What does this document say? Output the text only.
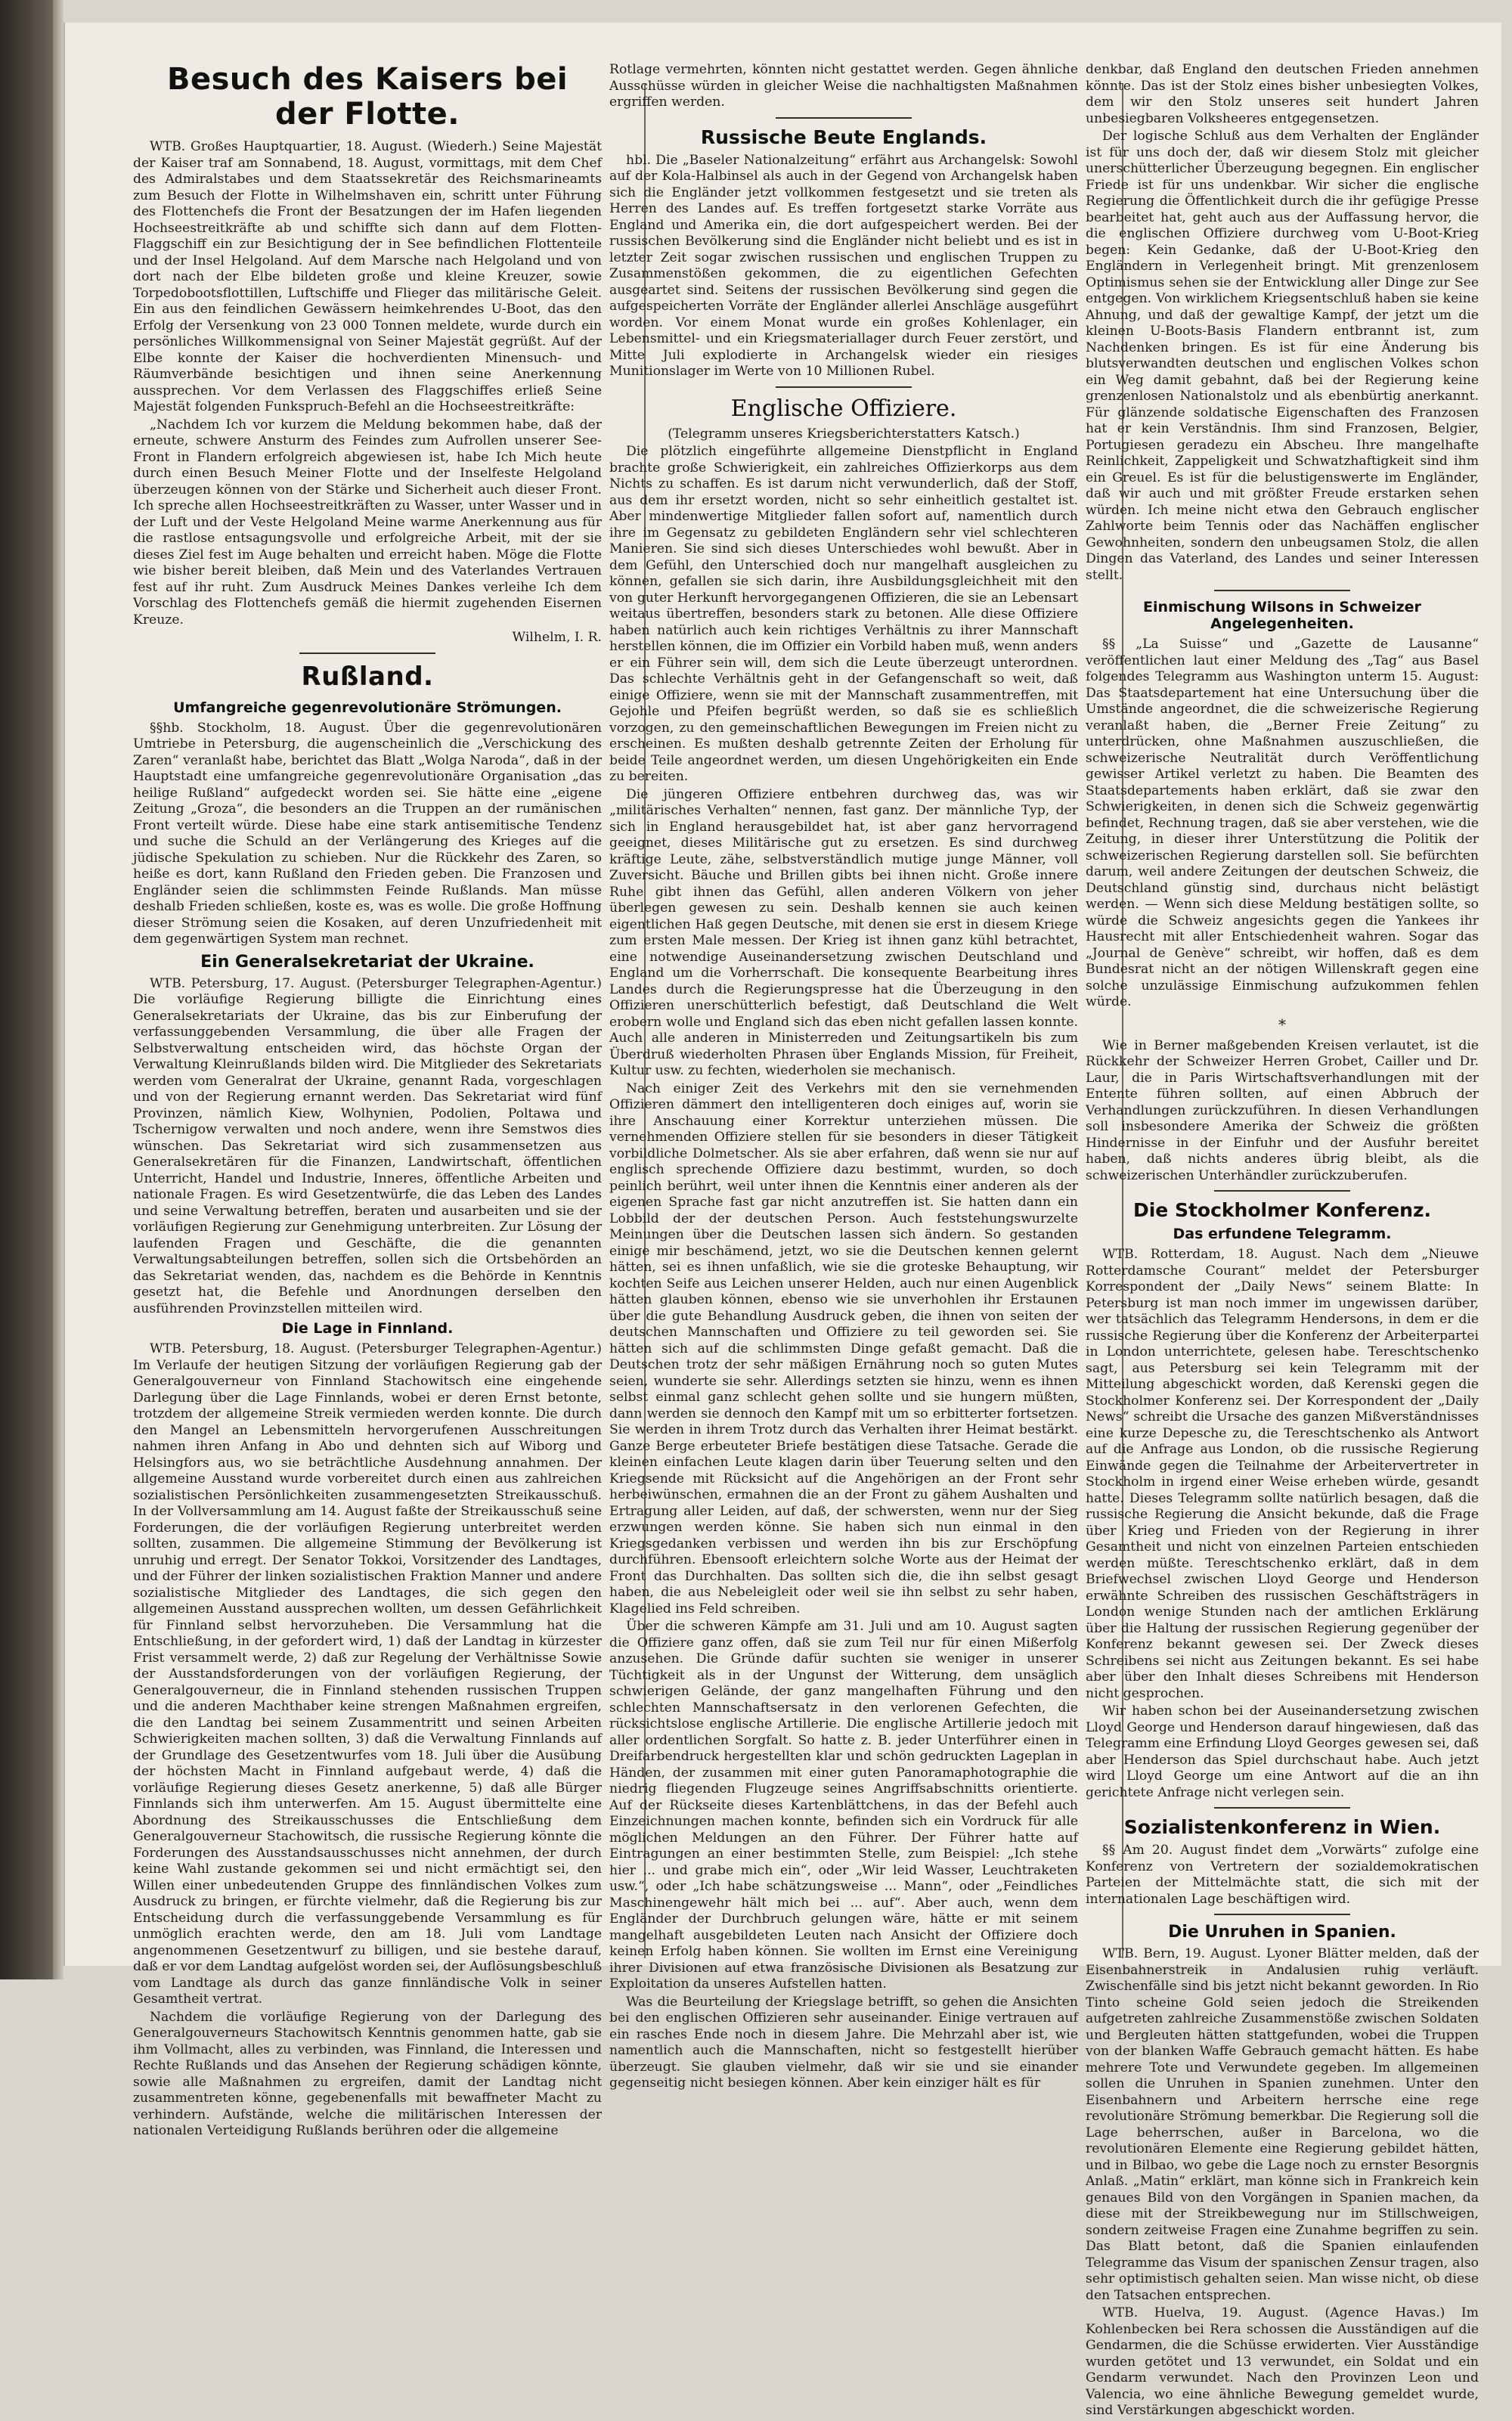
Besuch des Kaisers bei der Flotte.

WTB. Großes Hauptquartier, 18. August. (Wiederh.) Seine Majestät der Kaiser traf am Sonnabend, 18. August, vormittags, mit dem Chef des Admiralstabes und dem Staatssekretär des Reichsmarineamts zum Besuch der Flotte in Wilhelmshaven ein, schritt unter Führung des Flottenchefs die Front der Besatzungen der im Hafen liegenden Hochseestreitkräfte ab und schiffte sich dann auf dem Flotten-Flaggschiff ein zur Besichtigung der in See befindlichen Flottenteile und der Insel Helgoland. Auf dem Marsche nach Helgoland und von dort nach der Elbe bildeten große und kleine Kreuzer, sowie Torpedobootsflottillen, Luftschiffe und Flieger das militärische Geleit. Ein aus den feindlichen Gewässern heimkehrendes U-Boot, das den Erfolg der Versenkung von 23 000 Tonnen meldete, wurde durch ein persönliches Willkommensignal von Seiner Majestät gegrüßt. Auf der Elbe konnte der Kaiser die hochverdienten Minensuch- und Räumverbände besichtigen und ihnen seine Anerkennung aussprechen. Vor dem Verlassen des Flaggschiffes erließ Seine Majestät folgenden Funkspruch-Befehl an die Hochseestreitkräfte:

„Nachdem Ich vor kurzem die Meldung bekommen habe, daß der erneute, schwere Ansturm des Feindes zum Aufrollen unserer See-Front in Flandern erfolgreich abgewiesen ist, habe Ich Mich heute durch einen Besuch Meiner Flotte und der Inselfeste Helgoland überzeugen können von der Stärke und Sicherheit auch dieser Front. Ich spreche allen Hochseestreitkräften zu Wasser, unter Wasser und in der Luft und der Veste Helgoland Meine warme Anerkennung aus für die rastlose entsagungsvolle und erfolgreiche Arbeit, mit der sie dieses Ziel fest im Auge behalten und erreicht haben. Möge die Flotte wie bisher bereit bleiben, daß Mein und des Vaterlandes Vertrauen fest auf ihr ruht. Zum Ausdruck Meines Dankes verleihe Ich dem Vorschlag des Flottenchefs gemäß die hiermit zugehenden Eisernen Kreuze.

Wilhelm, I. R.

Rußland.
Umfangreiche gegenrevolutionäre Strömungen.

§§hb. Stockholm, 18. August. Über die gegenrevolutionären Umtriebe in Petersburg, die augenscheinlich die „Verschickung des Zaren“ veranlaßt habe, berichtet das Blatt „Wolga Naroda“, daß in der Hauptstadt eine umfangreiche gegenrevolutionäre Organisation „das heilige Rußland“ aufgedeckt worden sei. Sie hätte eine „eigene Zeitung „Groza“, die besonders an die Truppen an der rumänischen Front verteilt würde. Diese habe eine stark antisemitische Tendenz und suche die Schuld an der Verlängerung des Krieges auf die jüdische Spekulation zu schieben. Nur die Rückkehr des Zaren, so heiße es dort, kann Rußland den Frieden geben. Die Franzosen und Engländer seien die schlimmsten Feinde Rußlands. Man müsse deshalb Frieden schließen, koste es, was es wolle. Die große Hoffnung dieser Strömung seien die Kosaken, auf deren Unzufriedenheit mit dem gegenwärtigen System man rechnet.

Ein Generalsekretariat der Ukraine.

WTB. Petersburg, 17. August. (Petersburger Telegraphen-Agentur.) Die vorläufige Regierung billigte die Einrichtung eines Generalsekretariats der Ukraine, das bis zur Einberufung der verfassunggebenden Versammlung, die über alle Fragen der Selbstverwaltung entscheiden wird, das höchste Organ der Verwaltung Kleinrußlands bilden wird. Die Mitglieder des Sekretariats werden vom Generalrat der Ukraine, genannt Rada, vorgeschlagen und von der Regierung ernannt werden. Das Sekretariat wird fünf Provinzen, nämlich Kiew, Wolhynien, Podolien, Poltawa und Tschernigow verwalten und noch andere, wenn ihre Semstwos dies wünschen. Das Sekretariat wird sich zusammensetzen aus Generalsekretären für die Finanzen, Landwirtschaft, öffentlichen Unterricht, Handel und Industrie, Inneres, öffentliche Arbeiten und nationale Fragen. Es wird Gesetzentwürfe, die das Leben des Landes und seine Verwaltung betreffen, beraten und ausarbeiten und sie der vorläufigen Regierung zur Genehmigung unterbreiten. Zur Lösung der laufenden Fragen und Geschäfte, die die genannten Verwaltungsabteilungen betreffen, sollen sich die Ortsbehörden an das Sekretariat wenden, das, nachdem es die Behörde in Kenntnis gesetzt hat, die Befehle und Anordnungen derselben den ausführenden Provinzstellen mitteilen wird.

Die Lage in Finnland.

WTB. Petersburg, 18. August. (Petersburger Telegraphen-Agentur.) Im Verlaufe der heutigen Sitzung der vorläufigen Regierung gab der Generalgouverneur von Finnland Stachowitsch eine eingehende Darlegung über die Lage Finnlands, wobei er deren Ernst betonte, trotzdem der allgemeine Streik vermieden werden konnte. Die durch den Mangel an Lebensmitteln hervorgerufenen Ausschreitungen nahmen ihren Anfang in Abo und dehnten sich auf Wiborg und Helsingfors aus, wo sie beträchtliche Ausdehnung annahmen. Der allgemeine Ausstand wurde vorbereitet durch einen aus zahlreichen sozialistischen Persönlichkeiten zusammengesetzten Streikausschuß. In der Vollversammlung am 14. August faßte der Streikausschuß seine Forderungen, die der vorläufigen Regierung unterbreitet werden sollten, zusammen. Die allgemeine Stimmung der Bevölkerung ist unruhig und erregt. Der Senator Tokkoi, Vorsitzender des Landtages, und der Führer der linken sozialistischen Fraktion Manner und andere sozialistische Mitglieder des Landtages, die sich gegen den allgemeinen Ausstand aussprechen wollten, um dessen Gefährlichkeit für Finnland selbst hervorzuheben. Die Versammlung hat die Entschließung, in der gefordert wird, 1) daß der Landtag in kürzester Frist versammelt werde, 2) daß zur Regelung der Verhältnisse Sowie der Ausstandsforderungen von der vorläufigen Regierung, der Generalgouverneur, die in Finnland stehenden russischen Truppen und die anderen Machthaber keine strengen Maßnahmen ergreifen, die den Landtag bei seinem Zusammentritt und seinen Arbeiten Schwierigkeiten machen sollten, 3) daß die Verwaltung Finnlands auf der Grundlage des Gesetzentwurfes vom 18. Juli über die Ausübung der höchsten Macht in Finnland aufgebaut werde, 4) daß die vorläufige Regierung dieses Gesetz anerkenne, 5) daß alle Bürger Finnlands sich ihm unterwerfen. Am 15. August übermittelte eine Abordnung des Streikausschusses die Entschließung dem Generalgouverneur Stachowitsch, die russische Regierung könnte die Forderungen des Ausstandsausschusses nicht annehmen, der durch keine Wahl zustande gekommen sei und nicht ermächtigt sei, den Willen einer unbedeutenden Gruppe des finnländischen Volkes zum Ausdruck zu bringen, er fürchte vielmehr, daß die Regierung bis zur Entscheidung durch die verfassunggebende Versammlung es für unmöglich erachten werde, den am 18. Juli vom Landtage angenommenen Gesetzentwurf zu billigen, und sie bestehe darauf, daß er vor dem Landtag aufgelöst worden sei, der Auflösungsbeschluß vom Landtage als durch das ganze finnländische Volk in seiner Gesamtheit vertrat.

Nachdem die vorläufige Regierung von der Darlegung des Generalgouverneurs Stachowitsch Kenntnis genommen hatte, gab sie ihm Vollmacht, alles zu verbinden, was Finnland, die Interessen und Rechte Rußlands und das Ansehen der Regierung schädigen könnte, sowie alle Maßnahmen zu ergreifen, damit der Landtag nicht zusammentreten könne, gegebenenfalls mit bewaffneter Macht zu verhindern. Aufstände, welche die militärischen Interessen der nationalen Verteidigung Rußlands berühren oder die allgemeine

Rotlage vermehrten, könnten nicht gestattet werden. Gegen ähnliche Ausschüsse würden in gleicher Weise die nachhaltigsten Maßnahmen ergriffen werden.

Russische Beute Englands.

hbl. Die „Baseler Nationalzeitung“ erfährt aus Archangelsk: Sowohl auf der Kola-Halbinsel als auch in der Gegend von Archangelsk haben sich die Engländer jetzt vollkommen festgesetzt und sie treten als Herren des Landes auf. Es treffen fortgesetzt starke Vorräte aus England und Amerika ein, die dort aufgespeichert werden. Bei der russischen Bevölkerung sind die Engländer nicht beliebt und es ist in letzter Zeit sogar zwischen russischen und englischen Truppen zu Zusammenstößen gekommen, die zu eigentlichen Gefechten ausgeartet sind. Seitens der russischen Bevölkerung sind gegen die aufgespeicherten Vorräte der Engländer allerlei Anschläge ausgeführt worden. Vor einem Monat wurde ein großes Kohlenlager, ein Lebensmittel- und ein Kriegsmateriallager durch Feuer zerstört, und Mitte Juli explodierte in Archangelsk wieder ein riesiges Munitionslager im Werte von 10 Millionen Rubel.

Englische Offiziere.

(Telegramm unseres Kriegsberichterstatters Katsch.)

Die plötzlich eingeführte allgemeine Dienstpflicht in England brachte große Schwierigkeit, ein zahlreiches Offizierkorps aus dem Nichts zu schaffen. Es ist darum nicht verwunderlich, daß der Stoff, aus dem ihr ersetzt worden, nicht so sehr einheitlich gestaltet ist. Aber mindenwertige Mitglieder fallen sofort auf, namentlich durch ihre im Gegensatz zu gebildeten Engländern sehr viel schlechteren Manieren. Sie sind sich dieses Unterschiedes wohl bewußt. Aber in dem Gefühl, den Unterschied doch nur mangelhaft ausgleichen zu können, gefallen sie sich darin, ihre Ausbildungsgleichheit mit den von guter Herkunft hervorgegangenen Offizieren, die sie an Lebensart weitaus übertreffen, besonders stark zu betonen. Alle diese Offiziere haben natürlich auch kein richtiges Verhältnis zu ihrer Mannschaft herstellen können, die im Offizier ein Vorbild haben muß, wenn anders er ein Führer sein will, dem sich die Leute überzeugt unterordnen. Das schlechte Verhältnis geht in der Gefangenschaft so weit, daß einige Offiziere, wenn sie mit der Mannschaft zusammentreffen, mit Gejohle und Pfeifen begrüßt werden, so daß sie es schließlich vorzogen, zu den gemeinschaftlichen Bewegungen im Freien nicht zu erscheinen. Es mußten deshalb getrennte Zeiten der Erholung für beide Teile angeordnet werden, um diesen Ungehörigkeiten ein Ende zu bereiten.

Die jüngeren Offiziere entbehren durchweg das, was wir „militärisches Verhalten“ nennen, fast ganz. Der männliche Typ, der sich in England herausgebildet hat, ist aber ganz hervorragend geeignet, dieses Militärische gut zu ersetzen. Es sind durchweg kräftige Leute, zähe, selbstverständlich mutige junge Männer, voll Zuversicht. Bäuche und Brillen gibts bei ihnen nicht. Große innere Ruhe gibt ihnen das Gefühl, allen anderen Völkern von jeher überlegen gewesen zu sein. Deshalb kennen sie auch keinen eigentlichen Haß gegen Deutsche, mit denen sie erst in diesem Kriege zum ersten Male messen. Der Krieg ist ihnen ganz kühl betrachtet, eine notwendige Auseinandersetzung zwischen Deutschland und England um die Vorherrschaft. Die konsequente Bearbeitung ihres Landes durch die Regierungspresse hat die Überzeugung in den Offizieren unerschütterlich befestigt, daß Deutschland die Welt erobern wolle und England sich das eben nicht gefallen lassen konnte. Auch alle anderen in Ministerreden und Zeitungsartikeln bis zum Überdruß wiederholten Phrasen über Englands Mission, für Freiheit, Kultur usw. zu fechten, wiederholen sie mechanisch.

Nach einiger Zeit des Verkehrs mit den sie vernehmenden Offizieren dämmert den intelligenteren doch einiges auf, worin sie ihre Anschauung einer Korrektur unterziehen müssen. Die vernehmenden Offiziere stellen für sie besonders in dieser Tätigkeit vorbildliche Dolmetscher. Als sie aber erfahren, daß wenn sie nur auf englisch sprechende Offiziere dazu bestimmt, wurden, so doch peinlich berührt, weil unter ihnen die Kenntnis einer anderen als der eigenen Sprache fast gar nicht anzutreffen ist. Sie hatten dann ein Lobbild der der deutschen Person. Auch feststehungswurzelte Meinungen über die Deutschen lassen sich ändern. So gestanden einige mir beschämend, jetzt, wo sie die Deutschen kennen gelernt hätten, sei es ihnen unfaßlich, wie sie die groteske Behauptung, wir kochten Seife aus Leichen unserer Helden, auch nur einen Augenblick hätten glauben können, ebenso wie sie unverhohlen ihr Erstaunen über die gute Behandlung Ausdruck geben, die ihnen von seiten der deutschen Mannschaften und Offiziere zu teil geworden sei. Sie hätten sich auf die schlimmsten Dinge gefaßt gemacht. Daß die Deutschen trotz der sehr mäßigen Ernährung noch so guten Mutes seien, wunderte sie sehr. Allerdings setzten sie hinzu, wenn es ihnen selbst einmal ganz schlecht gehen sollte und sie hungern müßten, dann werden sie dennoch den Kampf mit um so erbitterter fortsetzen. Sie werden in ihrem Trotz durch das Verhalten ihrer Heimat bestärkt. Ganze Berge erbeuteter Briefe bestätigen diese Tatsache. Gerade die kleinen einfachen Leute klagen darin über Teuerung selten und den Kriegsende mit Rücksicht auf die Angehörigen an der Front sehr herbeiwünschen, ermahnen die an der Front zu gähem Aushalten und Ertragung aller Leiden, auf daß, der schwersten, wenn nur der Sieg erzwungen werden könne. Sie haben sich nun einmal in den Kriegsgedanken verbissen und werden ihn bis zur Erschöpfung durchführen. Ebensooft erleichtern solche Worte aus der Heimat der Front das Durchhalten. Das sollten sich die, die ihn selbst gesagt haben, die aus Nebeleigleit oder weil sie ihn selbst zu sehr haben, Klagelied ins Feld schreiben.

Über die schweren Kämpfe am 31. Juli und am 10. August sagten die Offiziere ganz offen, daß sie zum Teil nur für einen Mißerfolg anzusehen. Die Gründe dafür suchten sie weniger in unserer Tüchtigkeit als in der Ungunst der Witterung, dem unsäglich schwierigen Gelände, der ganz mangelhaften Führung und den schlechten Mannschaftsersatz in den verlorenen Gefechten, die rücksichtslose englische Artillerie. Die englische Artillerie jedoch mit aller ordentlichen Sorgfalt. So hatte z. B. jeder Unterführer einen in Dreifarbendruck hergestellten klar und schön gedruckten Lageplan in Händen, der zusammen mit einer guten Panoramaphotographie die niedrig fliegenden Flugzeuge seines Angriffsabschnitts orientierte. Auf der Rückseite dieses Kartenblättchens, in das der Befehl auch Einzeichnungen machen konnte, befinden sich ein Vordruck für alle möglichen Meldungen an den Führer. Der Führer hatte auf Eintragungen an einer bestimmten Stelle, zum Beispiel: „Ich stehe hier ... und grabe mich ein“, oder „Wir leid Wasser, Leuchtraketen usw.“, oder „Ich habe schätzungsweise ... Mann“, oder „Feindliches Maschinengewehr hält mich bei ... auf“. Aber auch, wenn dem Engländer der Durchbruch gelungen wäre, hätte er mit seinem mangelhaft ausgebildeten Leuten nach Ansicht der Offiziere doch keinen Erfolg haben können. Sie wollten im Ernst eine Vereinigung ihrer Divisionen auf etwa französische Divisionen als Besatzung zur Exploitation da unseres Aufstellen hatten.

Was die Beurteilung der Kriegslage betrifft, so gehen die Ansichten bei den englischen Offizieren sehr auseinander. Einige vertrauen auf ein rasches Ende noch in diesem Jahre. Die Mehrzahl aber ist, wie namentlich auch die Mannschaften, nicht so festgestellt hierüber überzeugt. Sie glauben vielmehr, daß wir sie und sie einander gegenseitig nicht besiegen können. Aber kein einziger hält es für

denkbar, daß England den deutschen Frieden annehmen könnte. Das ist der Stolz eines bisher unbesiegten Volkes, dem wir den Stolz unseres seit hundert Jahren unbesiegbaren Volksheeres entgegensetzen.

Der logische Schluß aus dem Verhalten der Engländer ist für uns doch der, daß wir diesem Stolz mit gleicher unerschütterlicher Überzeugung begegnen. Ein englischer Friede ist für uns undenkbar. Wir sicher die englische Regierung die Öffentlichkeit durch die ihr gefügige Presse bearbeitet hat, geht auch aus der Auffassung hervor, die die englischen Offiziere durchweg vom U-Boot-Krieg begen: Kein Gedanke, daß der U-Boot-Krieg den Engländern in Verlegenheit bringt. Mit grenzenlosem Optimismus sehen sie der Entwicklung aller Dinge zur See entgegen. Von wirklichem Kriegsentschluß haben sie keine Ahnung, und daß der gewaltige Kampf, der jetzt um die kleinen U-Boots-Basis Flandern entbrannt ist, zum Nachdenken bringen. Es ist für eine Änderung bis blutsverwandten deutschen und englischen Volkes schon ein Weg damit gebahnt, daß bei der Regierung keine grenzenlosen Nationalstolz und als ebenbürtig anerkannt. Für glänzende soldatische Eigenschaften des Franzosen hat er kein Verständnis. Ihm sind Franzosen, Belgier, Portugiesen geradezu ein Abscheu. Ihre mangelhafte Reinlichkeit, Zappeligkeit und Schwatzhaftigkeit sind ihm ein Greuel. Es ist für die belustigenswerte im Engländer, daß wir auch und mit größter Freude erstarken sehen würden. Ich meine nicht etwa den Gebrauch englischer Zahlworte beim Tennis oder das Nachäffen englischer Gewohnheiten, sondern den unbeugsamen Stolz, die allen Dingen das Vaterland, des Landes und seiner Interessen stellt.

Einmischung Wilsons in Schweizer Angelegenheiten.

§§ „La Suisse“ und „Gazette de Lausanne“ veröffentlichen laut einer Meldung des „Tag“ aus Basel folgendes Telegramm aus Washington unterm 15. August: Das Staatsdepartement hat eine Untersuchung über die Umstände angeordnet, die die schweizerische Regierung veranlaßt haben, die „Berner Freie Zeitung“ zu unterdrücken, ohne Maßnahmen auszuschließen, die schweizerische Neutralität durch Veröffentlichung gewisser Artikel verletzt zu haben. Die Beamten des Staatsdepartements haben erklärt, daß sie zwar den Schwierigkeiten, in denen sich die Schweiz gegenwärtig befindet, Rechnung tragen, daß sie aber verstehen, wie die Zeitung, in dieser ihrer Unterstützung die Politik der schweizerischen Regierung darstellen soll. Sie befürchten darum, weil andere Zeitungen der deutschen Schweiz, die Deutschland günstig sind, durchaus nicht belästigt werden. — Wenn sich diese Meldung bestätigen sollte, so würde die Schweiz angesichts gegen die Yankees ihr Hausrecht mit aller Entschiedenheit wahren. Sogar das „Journal de Genève“ schreibt, wir hoffen, daß es dem Bundesrat nicht an der nötigen Willenskraft gegen eine solche unzulässige Einmischung aufzukommen fehlen würde.

*

Wie in Berner maßgebenden Kreisen verlautet, ist die Rückkehr der Schweizer Herren Grobet, Cailler und Dr. Laur, die in Paris Wirtschaftsverhandlungen mit der Entente führen sollten, auf einen Abbruch der Verhandlungen zurückzuführen. In diesen Verhandlungen soll insbesondere Amerika der Schweiz die größten Hindernisse in der Einfuhr und der Ausfuhr bereitet haben, daß nichts anderes übrig bleibt, als die schweizerischen Unterhändler zurückzuberufen.

Die Stockholmer Konferenz.
Das erfundene Telegramm.

WTB. Rotterdam, 18. August. Nach dem „Nieuwe Rotterdamsche Courant“ meldet der Petersburger Korrespondent der „Daily News“ seinem Blatte: In Petersburg ist man noch immer im ungewissen darüber, wer tatsächlich das Telegramm Hendersons, in dem er die russische Regierung über die Konferenz der Arbeiterpartei in London unterrichtete, gelesen habe. Tereschtschenko sagt, aus Petersburg sei kein Telegramm mit der Mitteilung abgeschickt worden, daß Kerenski gegen die Stockholmer Konferenz sei. Der Korrespondent der „Daily News“ schreibt die Ursache des ganzen Mißverständnisses eine kurze Depesche zu, die Tereschtschenko als Antwort auf die Anfrage aus London, ob die russische Regierung Einwände gegen die Teilnahme der Arbeitervertreter in Stockholm in irgend einer Weise erheben würde, gesandt hatte. Dieses Telegramm sollte natürlich besagen, daß die russische Regierung die Ansicht bekunde, daß die Frage über Krieg und Frieden von der Regierung in ihrer Gesamtheit und nicht von einzelnen Parteien entschieden werden müßte. Tereschtschenko erklärt, daß in dem Briefwechsel zwischen Lloyd George und Henderson erwähnte Schreiben des russischen Geschäftsträgers in London wenige Stunden nach der amtlichen Erklärung über die Haltung der russischen Regierung gegenüber der Konferenz bekannt gewesen sei. Der Zweck dieses Schreibens sei nicht aus Zeitungen bekannt. Es sei habe aber über den Inhalt dieses Schreibens mit Henderson nicht gesprochen.

Wir haben schon bei der Auseinandersetzung zwischen Lloyd George und Henderson darauf hingewiesen, daß das Telegramm eine Erfindung Lloyd Georges gewesen sei, daß aber Henderson das Spiel durchschaut habe. Auch jetzt wird Lloyd George um eine Antwort auf die an ihn gerichtete Anfrage nicht verlegen sein.

Sozialistenkonferenz in Wien.

§§ Am 20. August findet dem „Vorwärts“ zufolge eine Konferenz von Vertretern der sozialdemokratischen Parteien der Mittelmächte statt, die sich mit der internationalen Lage beschäftigen wird.

Die Unruhen in Spanien.

WTB. Bern, 19. August. Lyoner Blätter melden, daß der Eisenbahnerstreik in Andalusien ruhig verläuft. Zwischenfälle sind bis jetzt nicht bekannt geworden. In Rio Tinto scheine Gold seien jedoch die Streikenden aufgetreten zahlreiche Zusammenstöße zwischen Soldaten und Bergleuten hätten stattgefunden, wobei die Truppen von der blanken Waffe Gebrauch gemacht hätten. Es habe mehrere Tote und Verwundete gegeben. Im allgemeinen sollen die Unruhen in Spanien zunehmen. Unter den Eisenbahnern und Arbeitern herrsche eine rege revolutionäre Strömung bemerkbar. Die Regierung soll die Lage beherrschen, außer in Barcelona, wo die revolutionären Elemente eine Regierung gebildet hätten, und in Bilbao, wo gebe die Lage noch zu ernster Besorgnis Anlaß. „Matin“ erklärt, man könne sich in Frankreich kein genaues Bild von den Vorgängen in Spanien machen, da diese mit der Streikbewegung nur im Stillschweigen, sondern zeitweise Fragen eine Zunahme begriffen zu sein. Das Blatt betont, daß die Spanien einlaufenden Telegramme das Visum der spanischen Zensur tragen, also sehr optimistisch gehalten seien. Man wisse nicht, ob diese den Tatsachen entsprechen.

WTB. Huelva, 19. August. (Agence Havas.) Im Kohlenbecken bei Rera schossen die Ausständigen auf die Gendarmen, die die Schüsse erwiderten. Vier Ausständige wurden getötet und 13 verwundet, ein Soldat und ein Gendarm verwundet. Nach den Provinzen Leon und Valencia, wo eine ähnliche Bewegung gemeldet wurde, sind Verstärkungen abgeschickt worden.
